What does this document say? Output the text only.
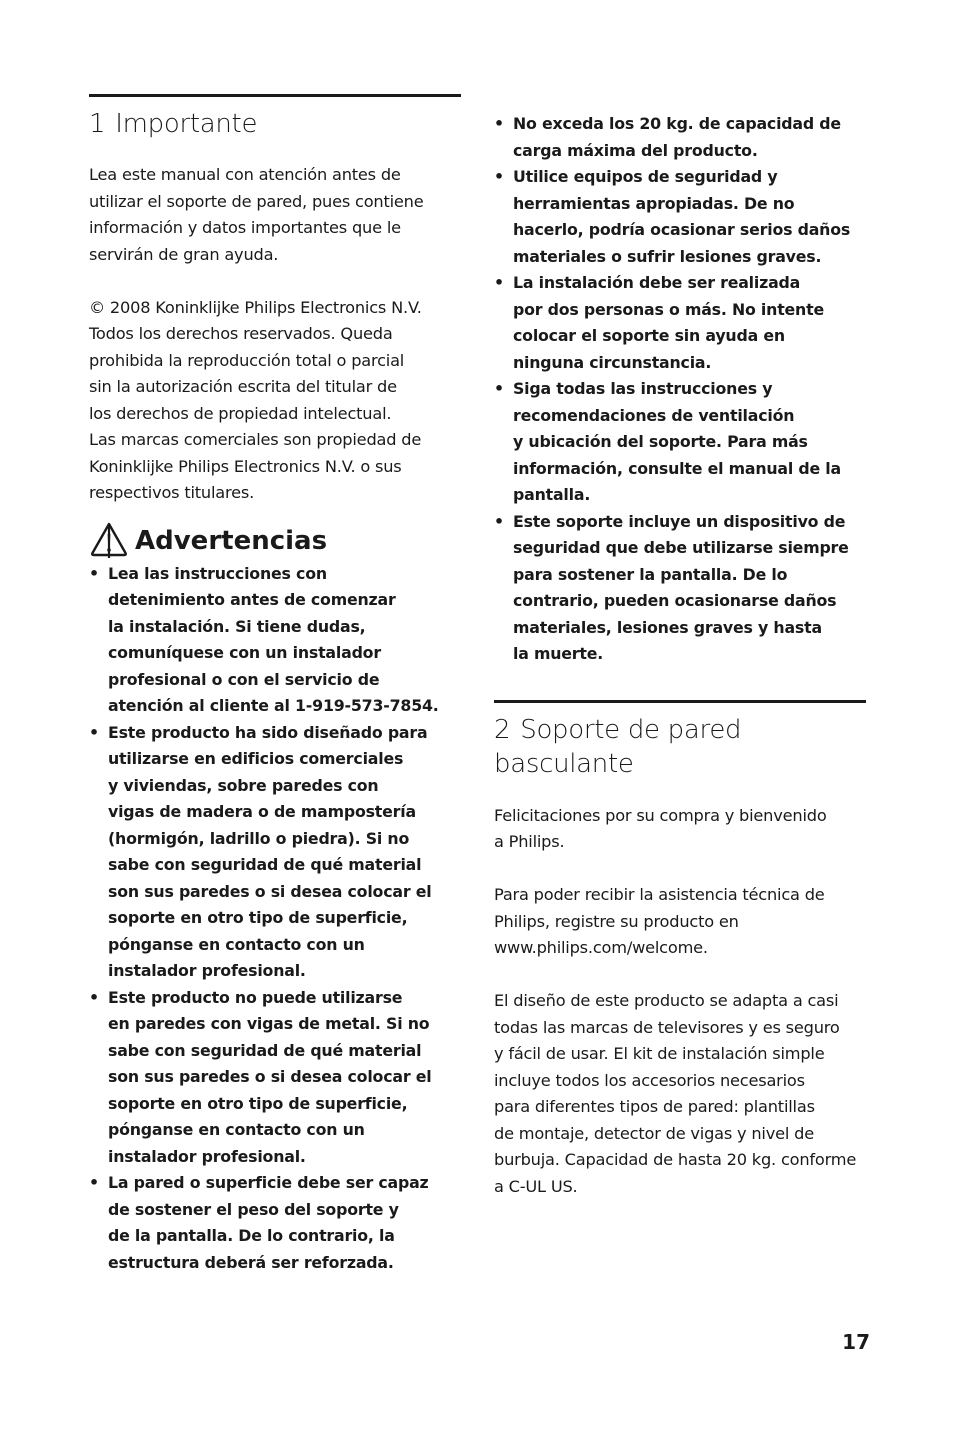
1 Importante

Lea este manual con atención antes de
utilizar el soporte de pared, pues contiene
información y datos importantes que le
servirán de gran ayuda.

© 2008 Koninklijke Philips Electronics N.V.
Todos los derechos reservados. Queda
prohibida la reproducción total o parcial
sin la autorización escrita del titular de
los derechos de propiedad intelectual.
Las marcas comerciales son propiedad de
Koninklijke Philips Electronics N.V. o sus
respectivos titulares.

Advertencias
• Lea las instrucciones con
detenimiento antes de comenzar
la instalación. Si tiene dudas,
comuníquese con un instalador
profesional o con el servicio de
atención al cliente al 1-919-573-7854.
• Este producto ha sido diseñado para
utilizarse en edificios comerciales
y viviendas, sobre paredes con
vigas de madera o de mampostería
(hormigón, ladrillo o piedra). Si no
sabe con seguridad de qué material
son sus paredes o si desea colocar el
soporte en otro tipo de superficie,
pónganse en contacto con un
instalador profesional.
• Este producto no puede utilizarse
en paredes con vigas de metal. Si no
sabe con seguridad de qué material
son sus paredes o si desea colocar el
soporte en otro tipo de superficie,
pónganse en contacto con un
instalador profesional.
• La pared o superficie debe ser capaz
de sostener el peso del soporte y
de la pantalla. De lo contrario, la
estructura deberá ser reforzada.
• No exceda los 20 kg. de capacidad de
carga máxima del producto.
• Utilice equipos de seguridad y
herramientas apropiadas. De no
hacerlo, podría ocasionar serios daños
materiales o sufrir lesiones graves.
• La instalación debe ser realizada
por dos personas o más. No intente
colocar el soporte sin ayuda en
ninguna circunstancia.
• Siga todas las instrucciones y
recomendaciones de ventilación
y ubicación del soporte. Para más
información, consulte el manual de la
pantalla.
• Este soporte incluye un dispositivo de
seguridad que debe utilizarse siempre
para sostener la pantalla. De lo
contrario, pueden ocasionarse daños
materiales, lesiones graves y hasta
la muerte.
2 Soporte de pared basculante

Felicitaciones por su compra y bienvenido
a Philips.

Para poder recibir la asistencia técnica de
Philips, registre su producto en
www.philips.com/welcome.

El diseño de este producto se adapta a casi
todas las marcas de televisores y es seguro
y fácil de usar. El kit de instalación simple
incluye todos los accesorios necesarios
para diferentes tipos de pared: plantillas
de montaje, detector de vigas y nivel de
burbuja. Capacidad de hasta 20 kg. conforme
a C-UL US.

17
